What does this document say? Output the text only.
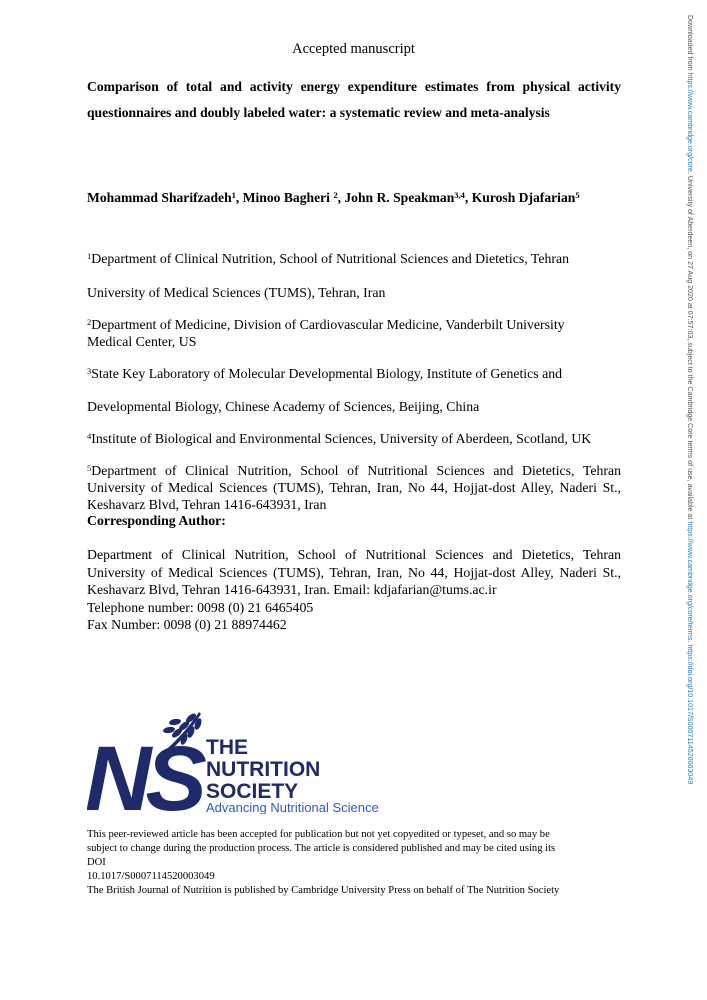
Accepted manuscript
Comparison of total and activity energy expenditure estimates from physical activity
questionnaires and doubly labeled water: a systematic review and meta-analysis
Mohammad Sharifzadeh$^1$, Minoo Bagheri $^2$, John R. Speakman$^{3,4}$, Kurosh Djafarian$^5$
$^1$Department of Clinical Nutrition, School of Nutritional Sciences and Dietetics, Tehran
University of Medical Sciences (TUMS), Tehran, Iran
$^2$Department of Medicine, Division of Cardiovascular Medicine, Vanderbilt University
Medical Center, US
$^3$State Key Laboratory of Molecular Developmental Biology, Institute of Genetics and
Developmental Biology, Chinese Academy of Sciences, Beijing, China
$^4$Institute of Biological and Environmental Sciences, University of Aberdeen, Scotland, UK
$^5$Department of Clinical Nutrition, School of Nutritional Sciences and Dietetics, Tehran
University of Medical Sciences (TUMS), Tehran, Iran, No 44, Hojjat-dost Alley, Naderi St.,
Keshavarz Blvd, Tehran 1416-643931, Iran
Corresponding Author:
Department of Clinical Nutrition, School of Nutritional Sciences and Dietetics, Tehran
University of Medical Sciences (TUMS), Tehran, Iran, No 44, Hojjat-dost Alley, Naderi St.,
Keshavarz Blvd, Tehran 1416-643931, Iran. Email: kdjafarian@tums.ac.ir
Telephone number: 0098 (0) 21 6465405
Fax Number: 0098 (0) 21 88974462
NS THE
NUTRITION
SOCIETY
Advancing Nutritional Science
This peer-reviewed article has been accepted for publication but not yet copyedited or typeset, and so may be
subject to change during the production process. The article is considered published and may be cited using its
DOI
10.1017/S0007114520003049
The British Journal of Nutrition is published by Cambridge University Press on behalf of The Nutrition Society
Downloaded from https://www.cambridge.org/core. University of Aberdeen, on 27 Aug 2020 at 07:57:03, subject to the Cambridge Core terms of use, available at https://www.cambridge.org/core/terms. https://doi.org/10.1017/S0007114520003049
